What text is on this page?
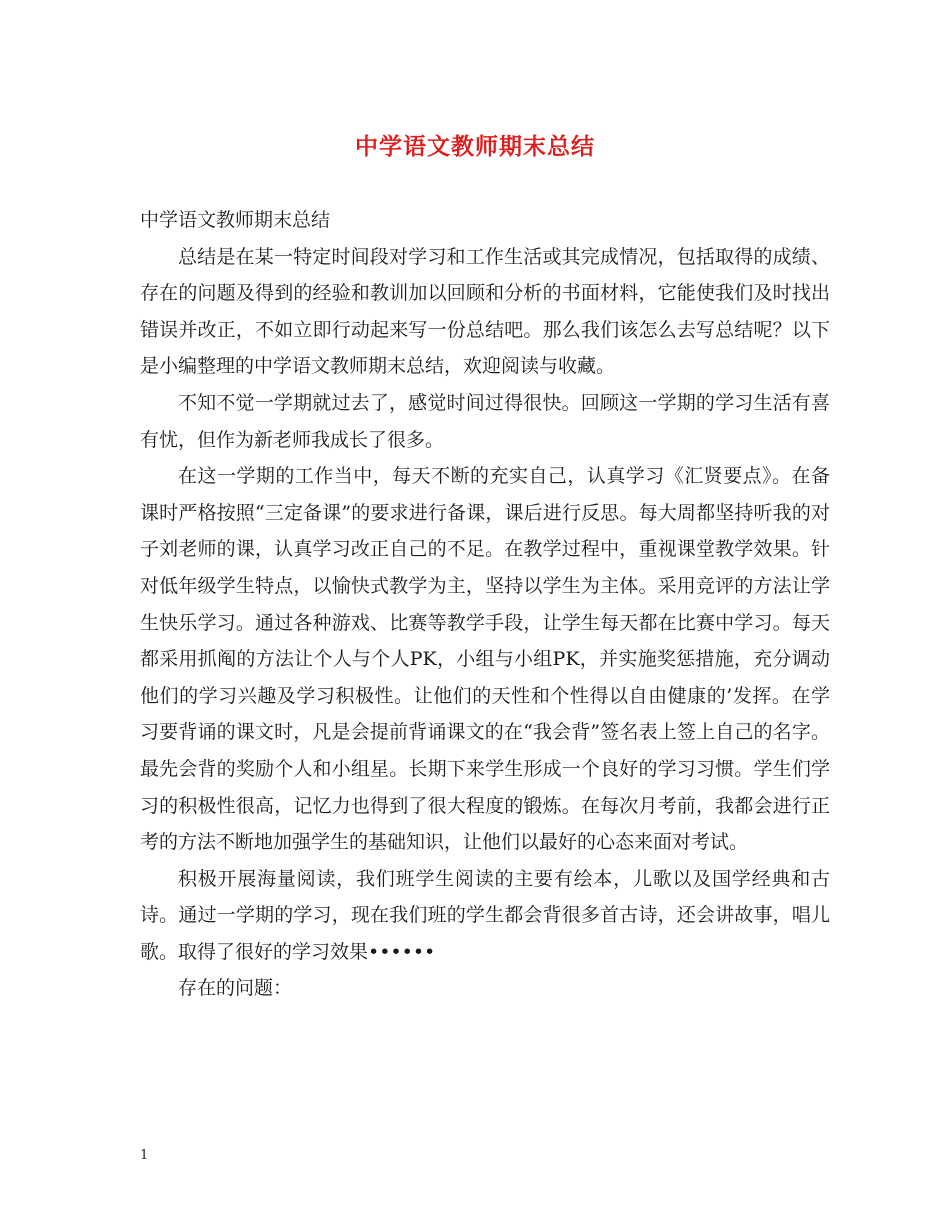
中学语文教师期末总结

中学语文教师期末总结

总结是在某一特定时间段对学习和工作生活或其完成情况，包括取得的成绩、存在的问题及得到的经验和教训加以回顾和分析的书面材料，它能使我们及时找出错误并改正，不如立即行动起来写一份总结吧。那么我们该怎么去写总结呢？以下是小编整理的中学语文教师期末总结，欢迎阅读与收藏。

不知不觉一学期就过去了，感觉时间过得很快。回顾这一学期的学习生活有喜有忧，但作为新老师我成长了很多。

在这一学期的工作当中，每天不断的充实自己，认真学习《汇贤要点》。在备课时严格按照“三定备课”的要求进行备课，课后进行反思。每大周都坚持听我的对子刘老师的课，认真学习改正自己的不足。在教学过程中，重视课堂教学效果。针对低年级学生特点，以愉快式教学为主，坚持以学生为主体。采用竞评的方法让学生快乐学习。通过各种游戏、比赛等教学手段，让学生每天都在比赛中学习。每天都采用抓阄的方法让个人与个人PK，小组与小组PK，并实施奖惩措施，充分调动他们的学习兴趣及学习积极性。让他们的天性和个性得以自由健康的’发挥。在学习要背诵的课文时，凡是会提前背诵课文的在“我会背”签名表上签上自己的名字。最先会背的奖励个人和小组星。长期下来学生形成一个良好的学习习惯。学生们学习的积极性很高，记忆力也得到了很大程度的锻炼。在每次月考前，我都会进行正考的方法不断地加强学生的基础知识，让他们以最好的心态来面对考试。

积极开展海量阅读，我们班学生阅读的主要有绘本，儿歌以及国学经典和古诗。通过一学期的学习，现在我们班的学生都会背很多首古诗，还会讲故事，唱儿歌。取得了很好的学习效果••••••

存在的问题：

1
